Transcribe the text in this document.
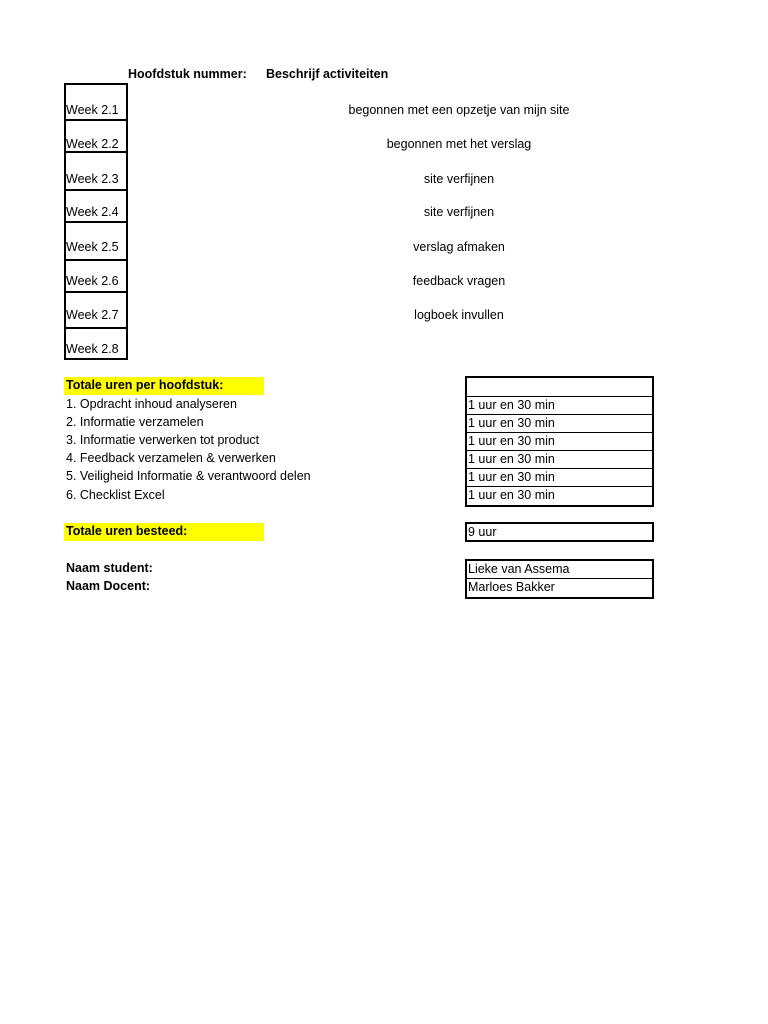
Hoofdstuk nummer: Beschrijf activiteiten
Week 2.1
Week 2.2
Week 2.3
Week 2.4
Week 2.5
Week 2.6
Week 2.7
Week 2.8
begonnen met een opzetje van mijn site
begonnen met het verslag
site verfijnen
site verfijnen
verslag afmaken
feedback vragen
logboek invullen
Totale uren per hoofdstuk:
1. Opdracht inhoud analyseren
2. Informatie verzamelen
3. Informatie verwerken tot product
4. Feedback verzamelen & verwerken
5. Veiligheid Informatie & verantwoord delen
6. Checklist Excel
1 uur en 30 min
1 uur en 30 min
1 uur en 30 min
1 uur en 30 min
1 uur en 30 min
1 uur en 30 min
Totale uren besteed:	9 uur
Naam student:
Naam Docent:
Lieke van Assema
Marloes Bakker
